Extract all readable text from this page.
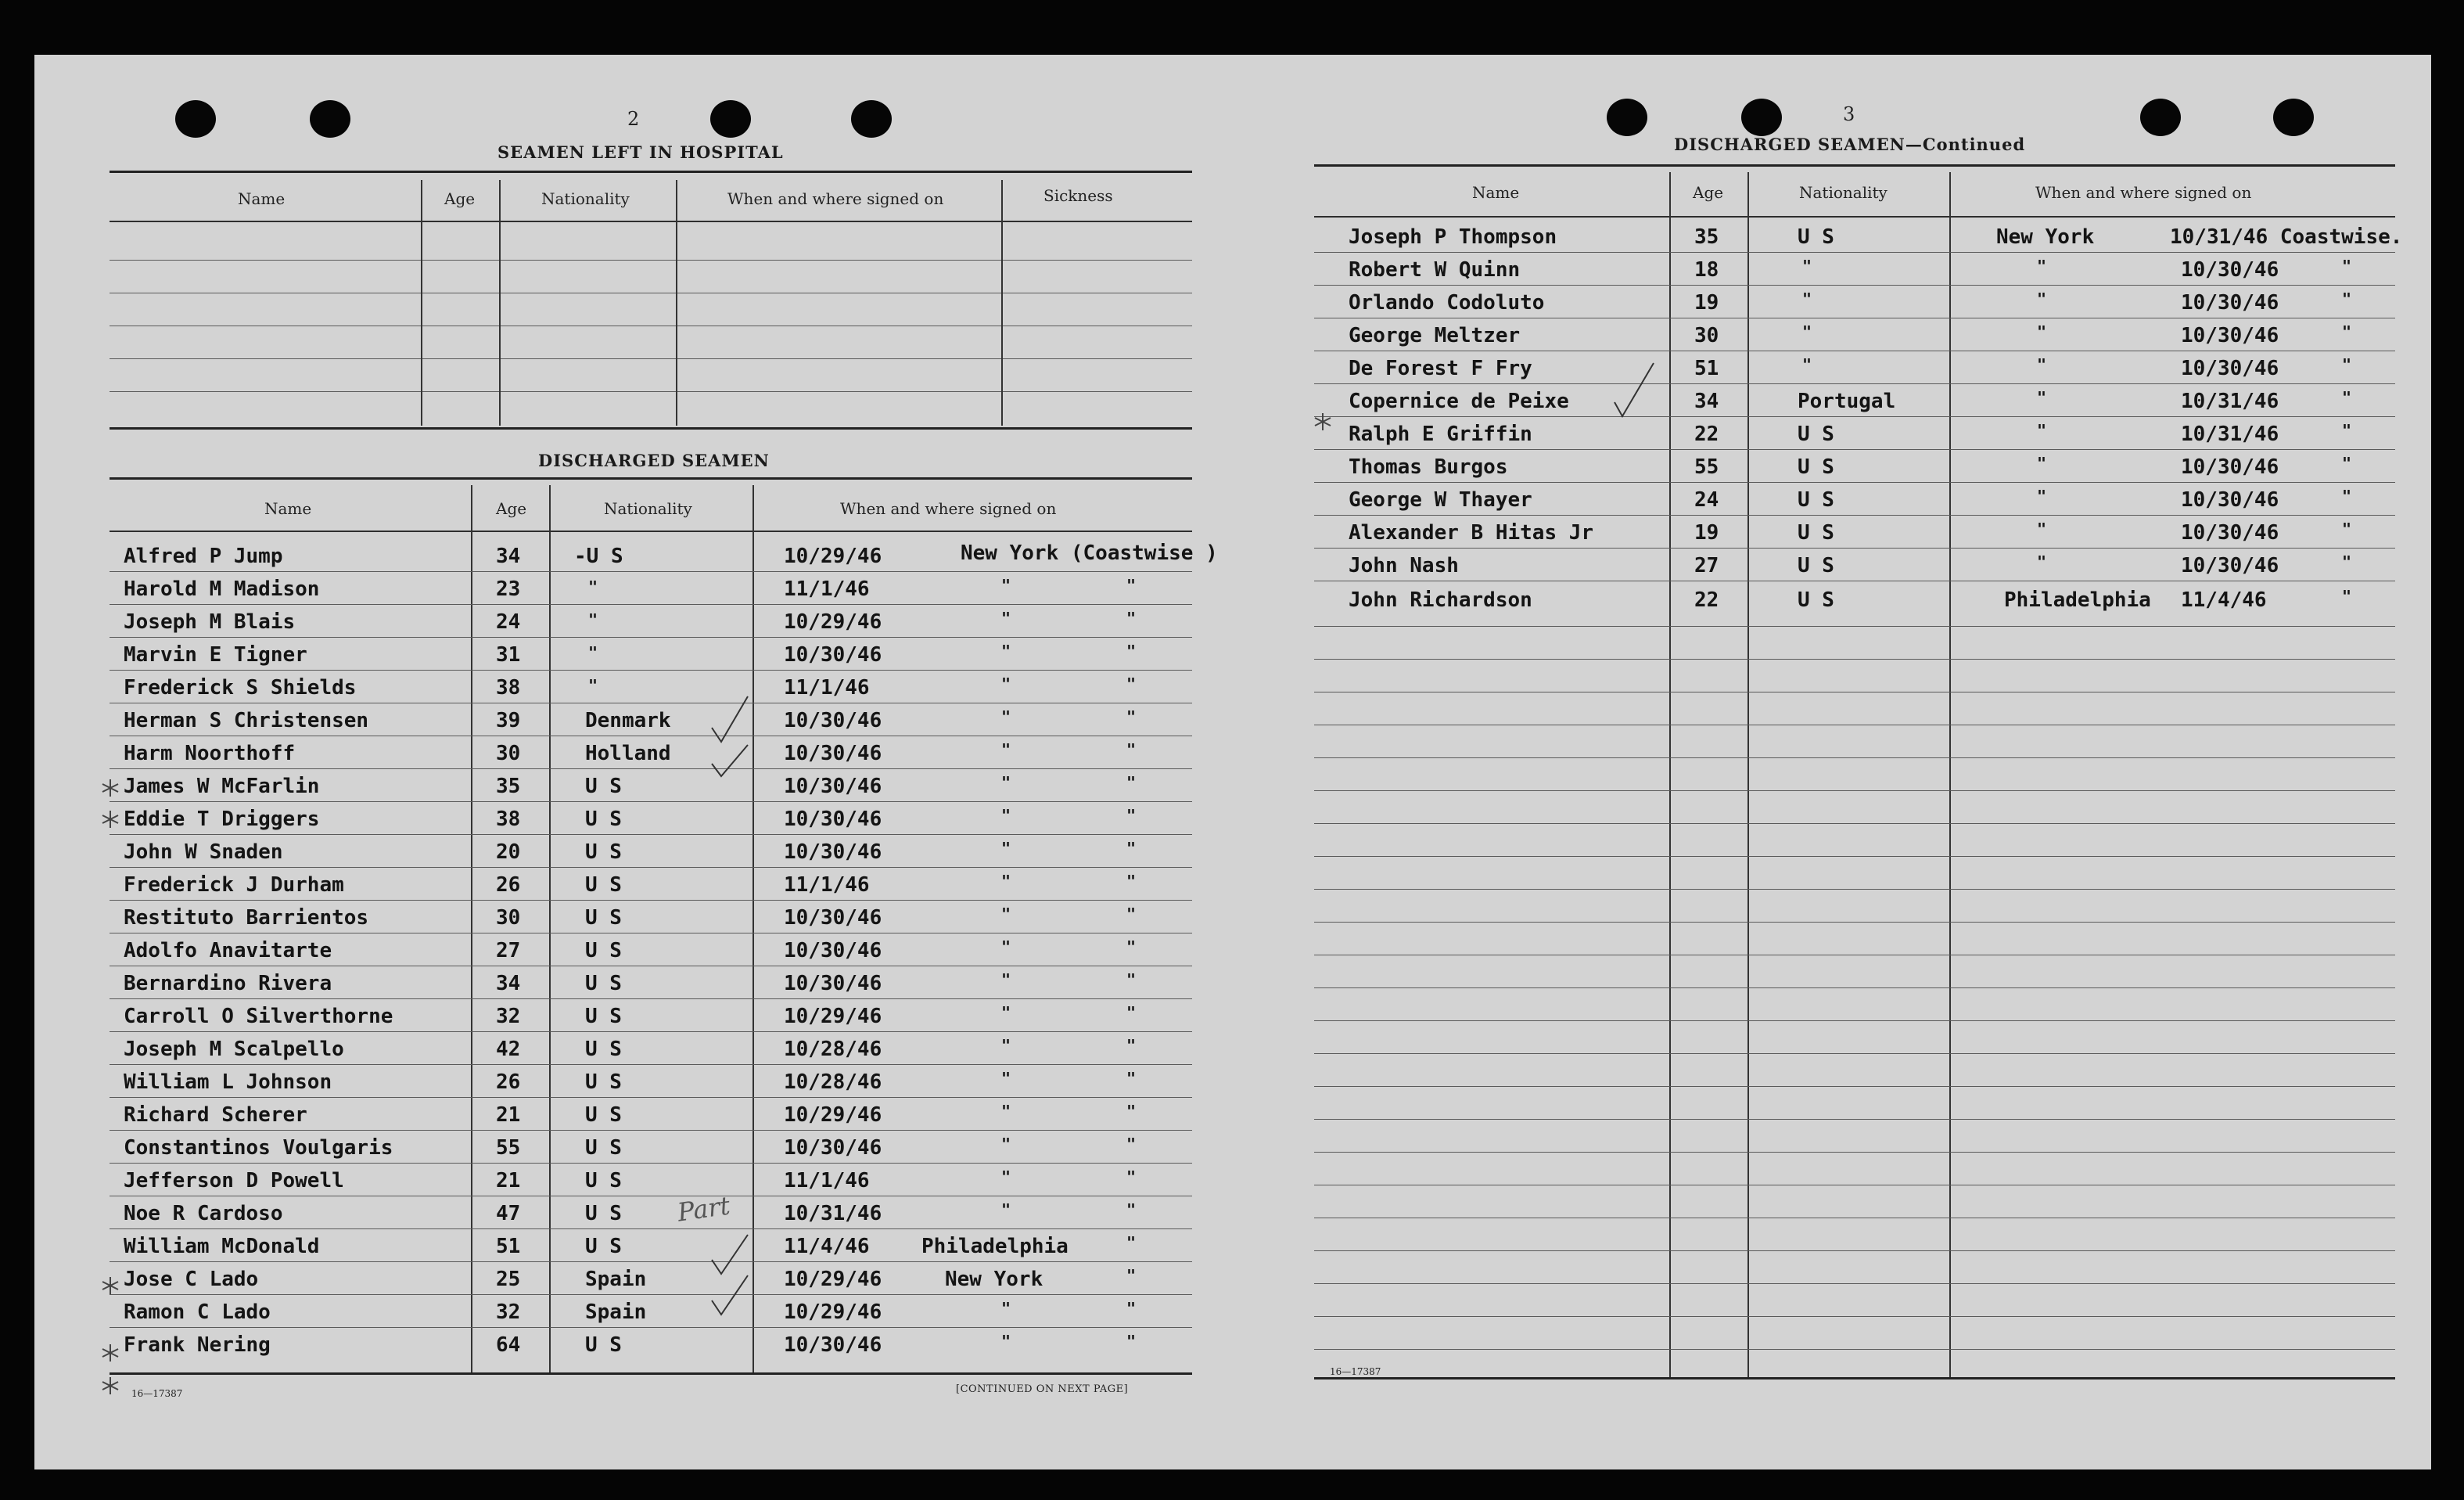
2
SEAMEN LEFT IN HOSPITAL
Name	Age	Nationality	When and where signed on	Sickness
DISCHARGED SEAMEN
Name	Age	Nationality	When and where signed on
Alfred P Jump	34	-U S	10/29/46	New York (Coastwise )
Harold M Madison	23	"	11/1/46	"	"
Joseph M Blais	24	"	10/29/46	"	"
Marvin E Tigner	31	"	10/30/46	"	"
Frederick S Shields	38	"	11/1/46	"	"
Herman S Christensen	39	Denmark	10/30/46	"	"
Harm Noorthoff	30	Holland	10/30/46	"	"
James W McFarlin	35	U S	10/30/46	"	"
Eddie T Driggers	38	U S	10/30/46	"	"
John W Snaden	20	U S	10/30/46	"	"
Frederick J Durham	26	U S	11/1/46	"	"
Restituto Barrientos	30	U S	10/30/46	"	"
Adolfo Anavitarte	27	U S	10/30/46	"	"
Bernardino Rivera	34	U S	10/30/46	"	"
Carroll O Silverthorne	32	U S	10/29/46	"	"
Joseph M Scalpello	42	U S	10/28/46	"	"
William L Johnson	26	U S	10/28/46	"	"
Richard Scherer	21	U S	10/29/46	"	"
Constantinos Voulgaris	55	U S	10/30/46	"	"
Jefferson D Powell	21	U S	11/1/46	"	"
Noe R Cardoso	47	U S	10/31/46	"	"
William McDonald	51	U S	11/4/46	Philadelphia	"
Jose C Lado	25	Spain	10/29/46	New York	"
Ramon C Lado	32	Spain	10/29/46	"	"
Frank Nering	64	U S	10/30/46	"	"
Part
16—17387	[CONTINUED ON NEXT PAGE]
3
DISCHARGED SEAMEN—Continued
Name	Age	Nationality	When and where signed on
Joseph P Thompson	35	U S	New York	10/31/46 Coastwise.
Robert W Quinn	18	"	"	10/30/46	"
Orlando Codoluto	19	"	"	10/30/46	"
George Meltzer	30	"	"	10/30/46	"
De Forest F Fry	51	"	"	10/30/46	"
Copernice de Peixe	34	Portugal	"	10/31/46	"
Ralph E Griffin	22	U S	"	10/31/46	"
Thomas Burgos	55	U S	"	10/30/46	"
George W Thayer	24	U S	"	10/30/46	"
Alexander B Hitas Jr	19	U S	"	10/30/46	"
John Nash	27	U S	"	10/30/46	"
John Richardson	22	U S	Philadelphia 11/4/46	"
16—17387
